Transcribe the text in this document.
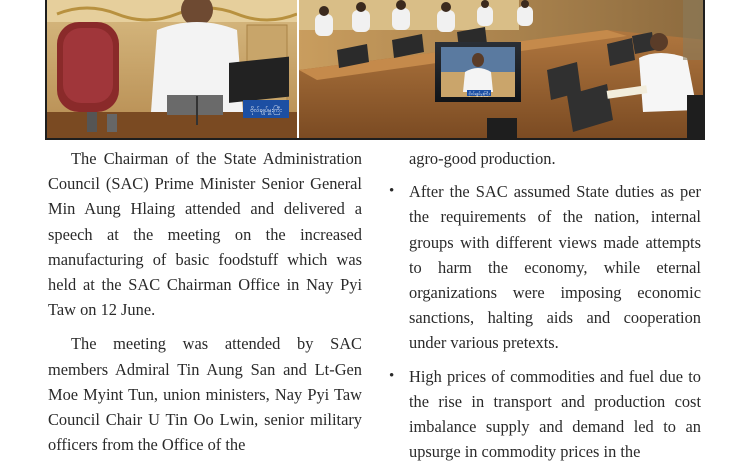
ဗိုလ်ချုပ်မှူးကြီး
ဗိုလ်ချုပ်မှူးကြီး

The Chairman of the State Administration Council (SAC) Prime Minister Senior General Min Aung Hlaing attended and delivered a speech at the meeting on the increased manufacturing of basic foodstuff which was held at the SAC Chairman Office in Nay Pyi Taw on 12 June.

The meeting was attended by SAC members Admiral Tin Aung San and Lt-Gen Moe Myint Tun, union ministers, Nay Pyi Taw Council Chair U Tin Oo Lwin, senior military officers from the Office of the

agro-good production.

• After the SAC assumed State duties as per the requirements of the nation, internal groups with different views made attempts to harm the economy, while eternal organizations were imposing economic sanctions, halting aids and cooperation under various pretexts.
• High prices of commodities and fuel due to the rise in transport and production cost imbalance supply and demand led to an upsurge in commodity prices in the
